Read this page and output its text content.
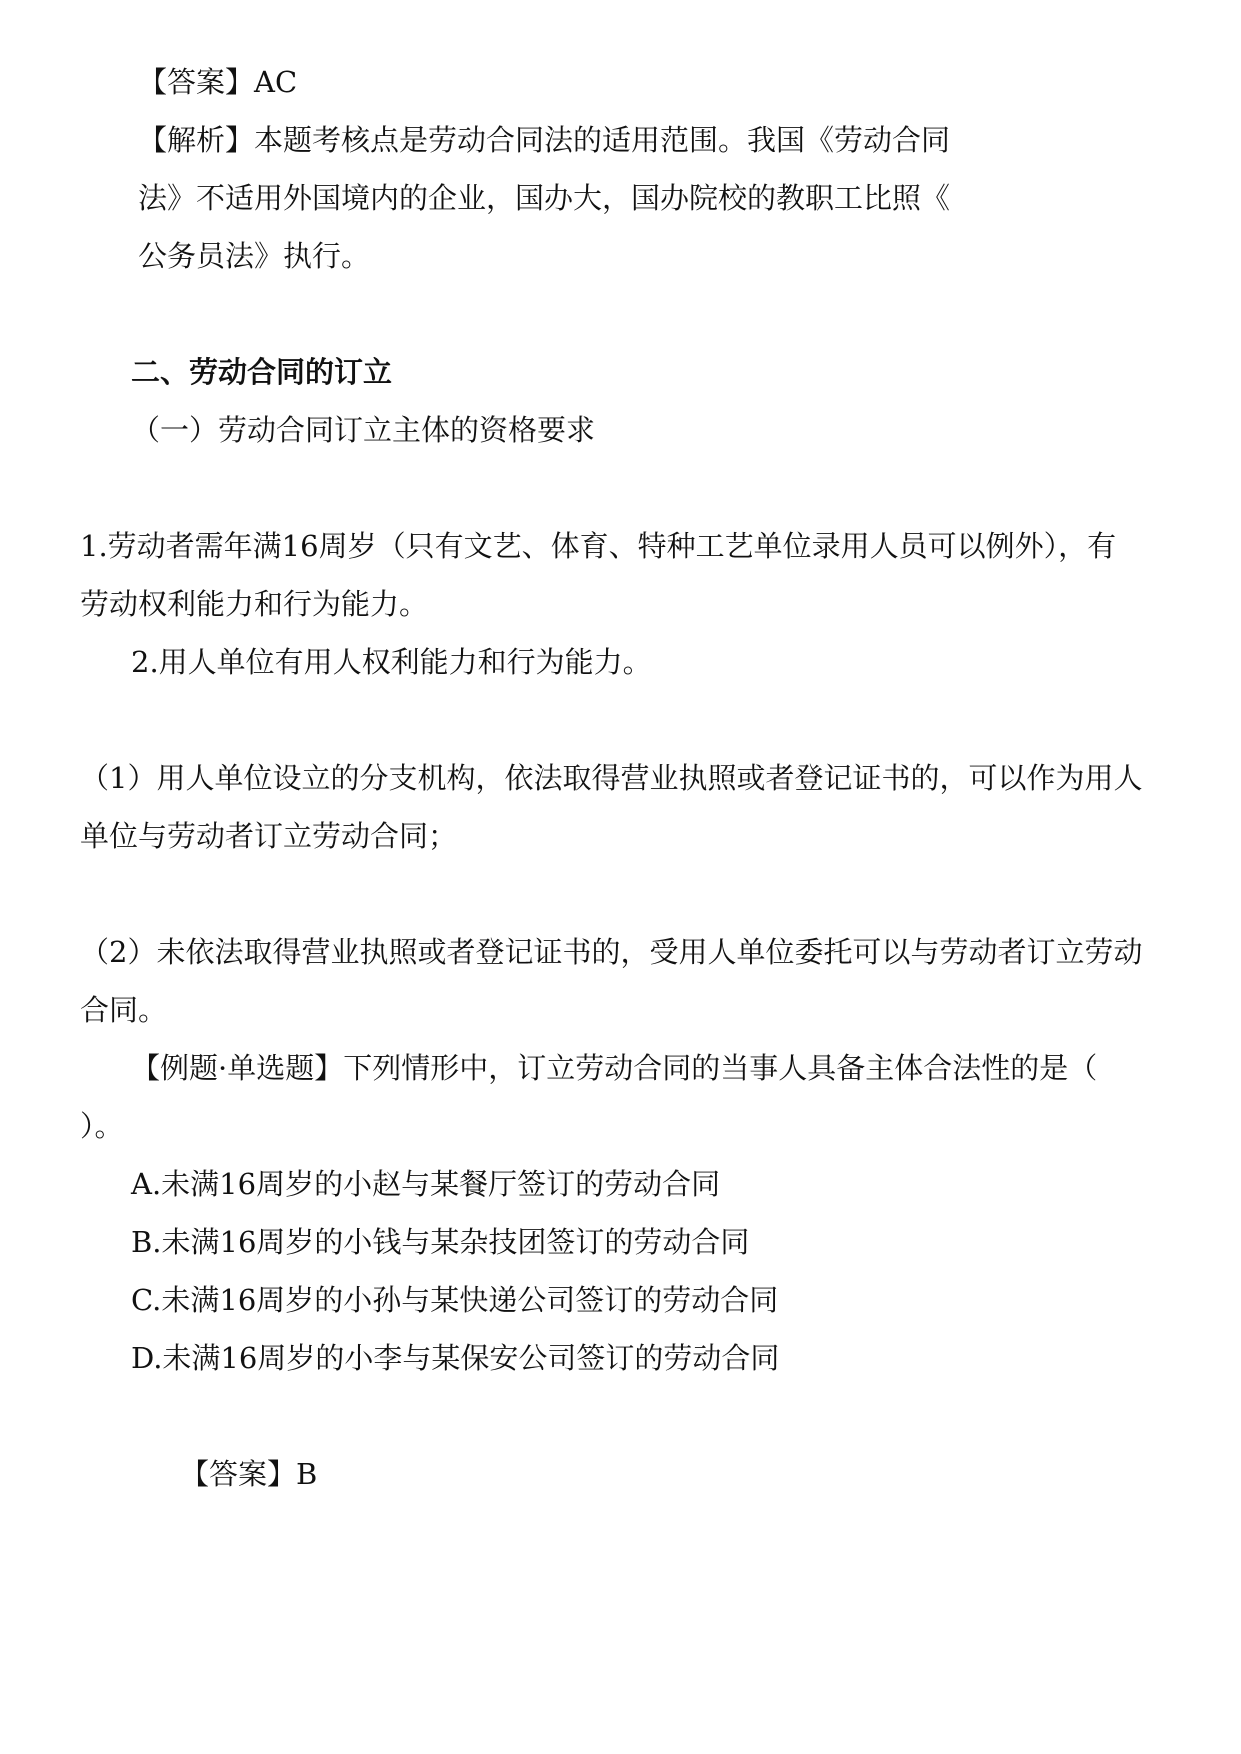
【答案】AC

【解析】本题考核点是劳动合同法的适用范围。我国《劳动合同

法》不适用外国境内的企业，国办大，国办院校的教职工比照《

公务员法》执行。

二、劳动合同的订立

（一）劳动合同订立主体的资格要求

1.劳动者需年满16周岁（只有文艺、体育、特种工艺单位录用人员可以例外），有

劳动权利能力和行为能力。

2.用人单位有用人权利能力和行为能力。

（1）用人单位设立的分支机构，依法取得营业执照或者登记证书的，可以作为用人

单位与劳动者订立劳动合同；

（2）未依法取得营业执照或者登记证书的，受用人单位委托可以与劳动者订立劳动

合同。

【例题·单选题】下列情形中，订立劳动合同的当事人具备主体合法性的是（

）。

A.未满16周岁的小赵与某餐厅签订的劳动合同

B.未满16周岁的小钱与某杂技团签订的劳动合同

C.未满16周岁的小孙与某快递公司签订的劳动合同

D.未满16周岁的小李与某保安公司签订的劳动合同

【答案】B
